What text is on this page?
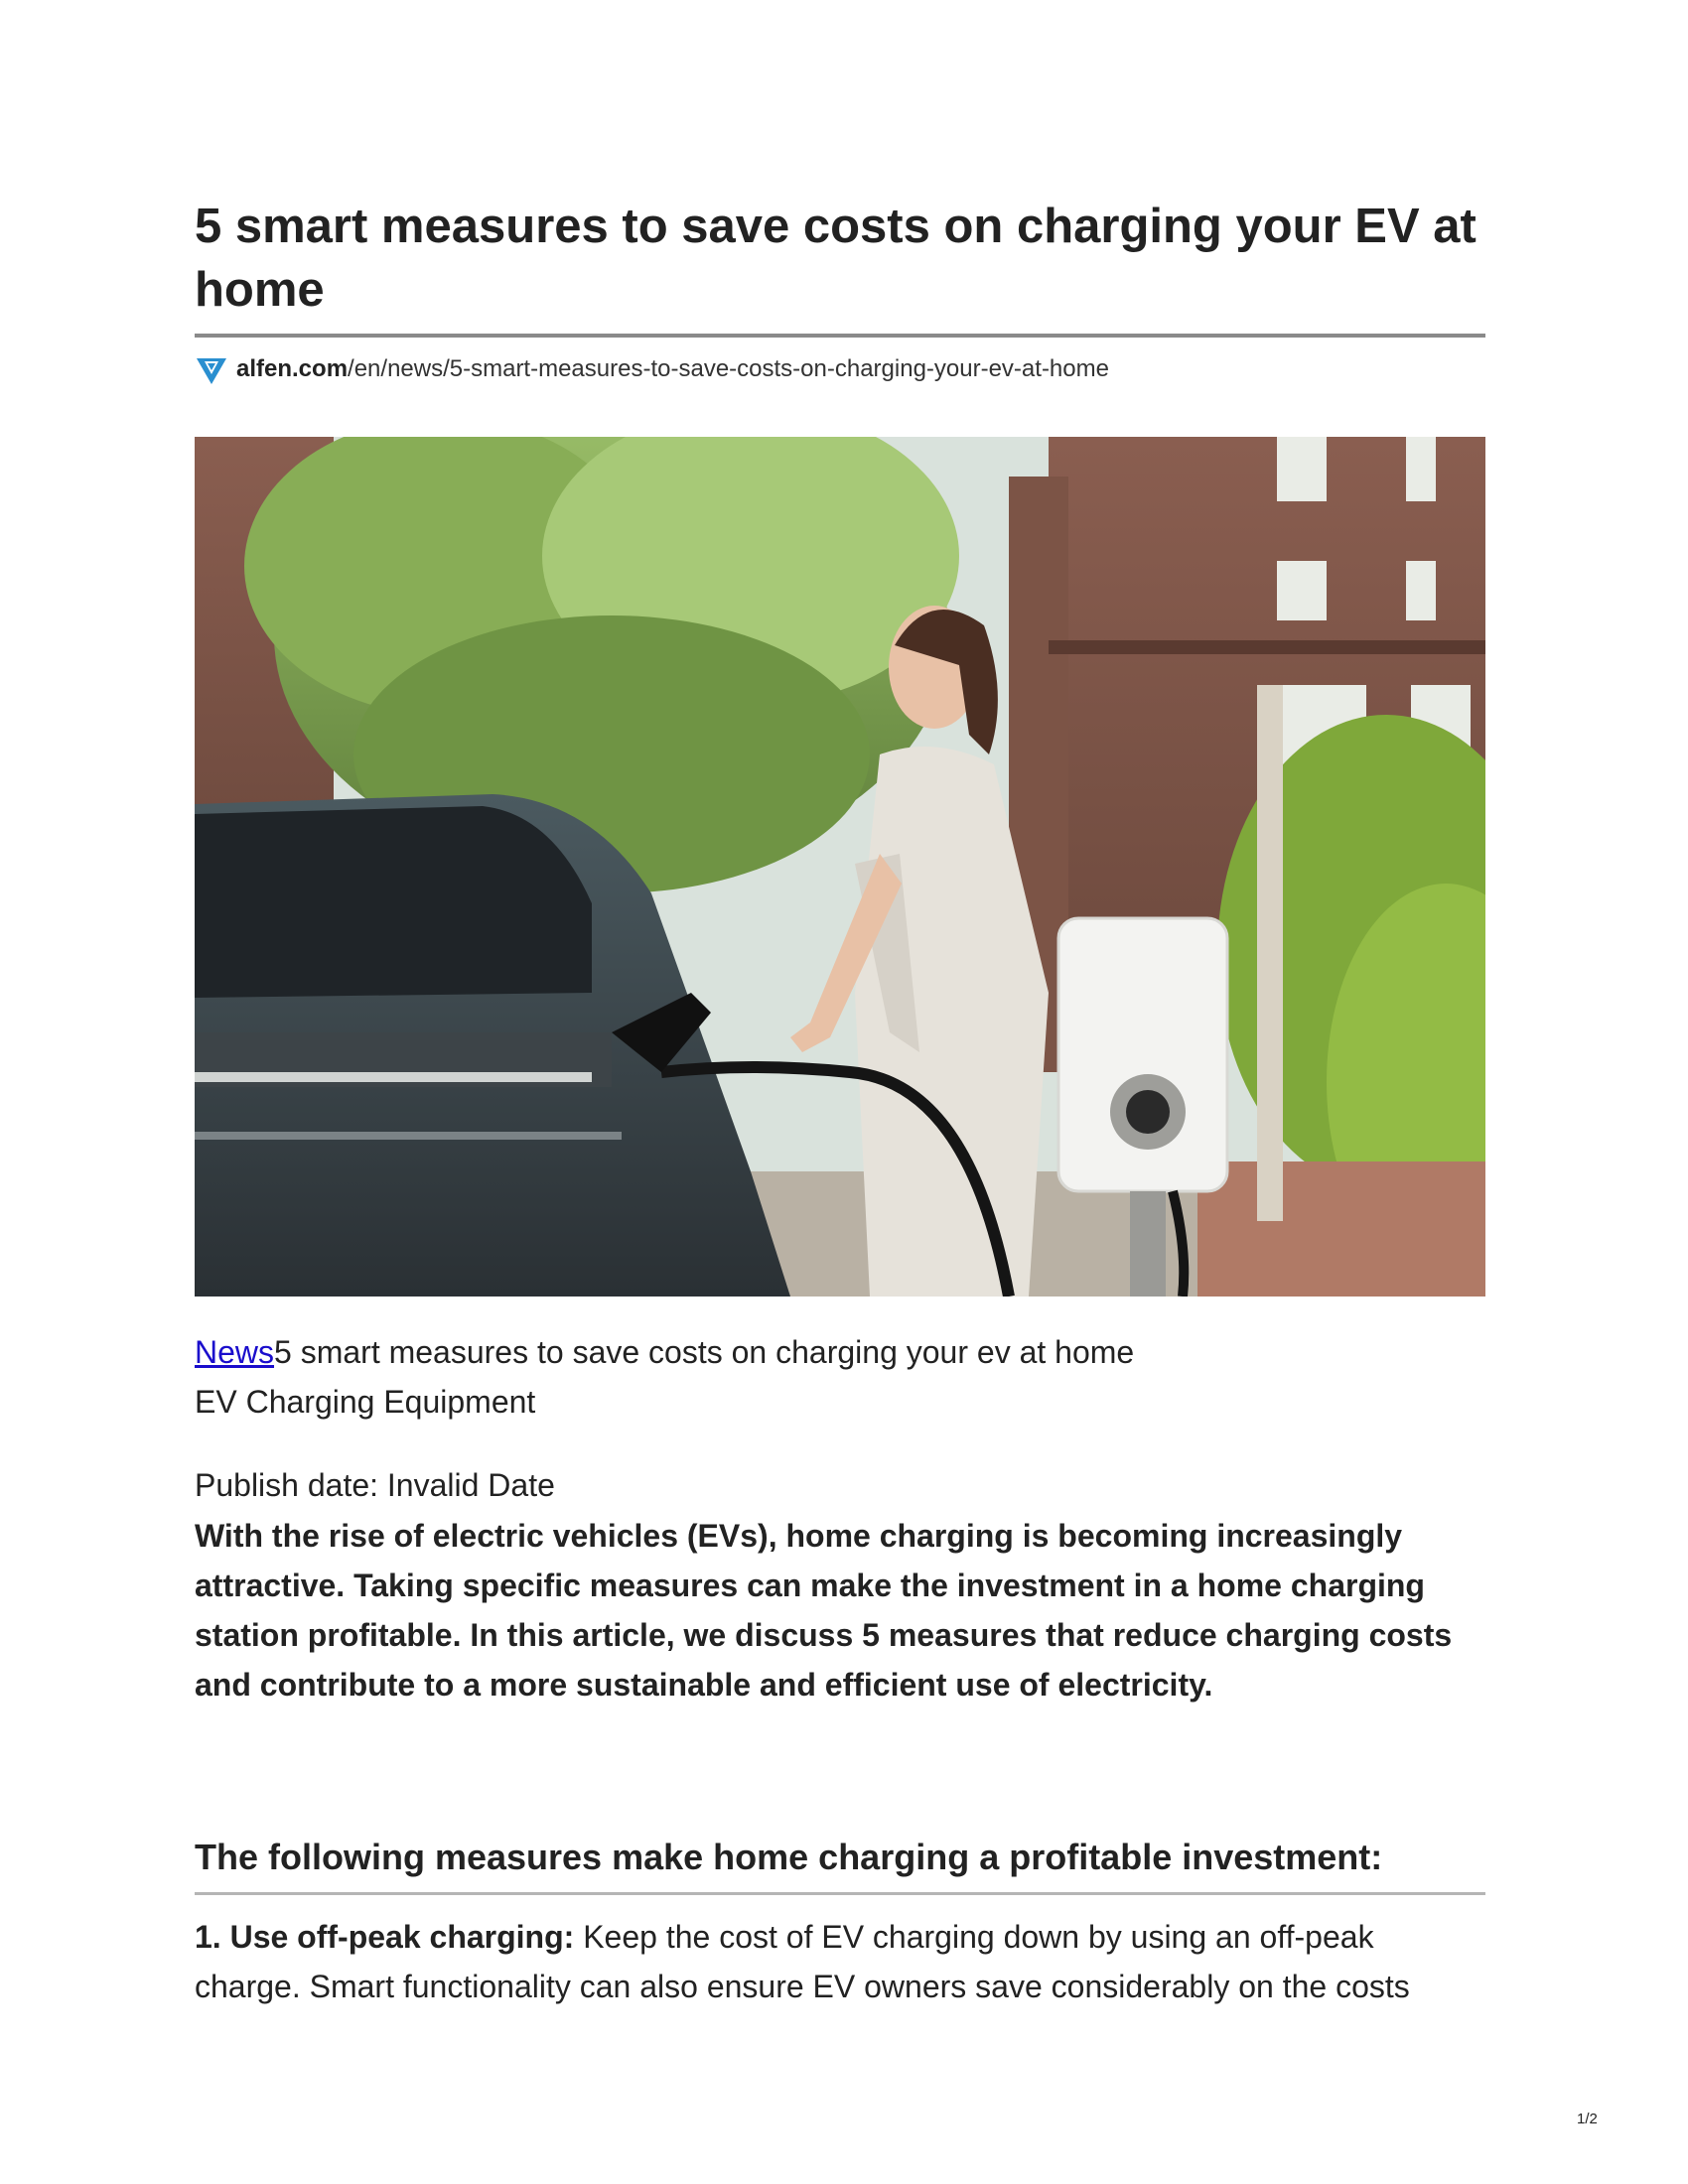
5 smart measures to save costs on charging your EV at home
alfen.com /en/news/5-smart-measures-to-save-costs-on-charging-your-ev-at-home
News5 smart measures to save costs on charging your ev at home
EV Charging Equipment
Publish date: Invalid Date

With the rise of electric vehicles (EVs), home charging is becoming increasingly attractive. Taking specific measures can make the investment in a home charging station profitable. In this article, we discuss 5 measures that reduce charging costs and contribute to a more sustainable and efficient use of electricity.

The following measures make home charging a profitable investment:

1. Use off-peak charging: Keep the cost of EV charging down by using an off-peak charge. Smart functionality can also ensure EV owners save considerably on the costs

1/2
